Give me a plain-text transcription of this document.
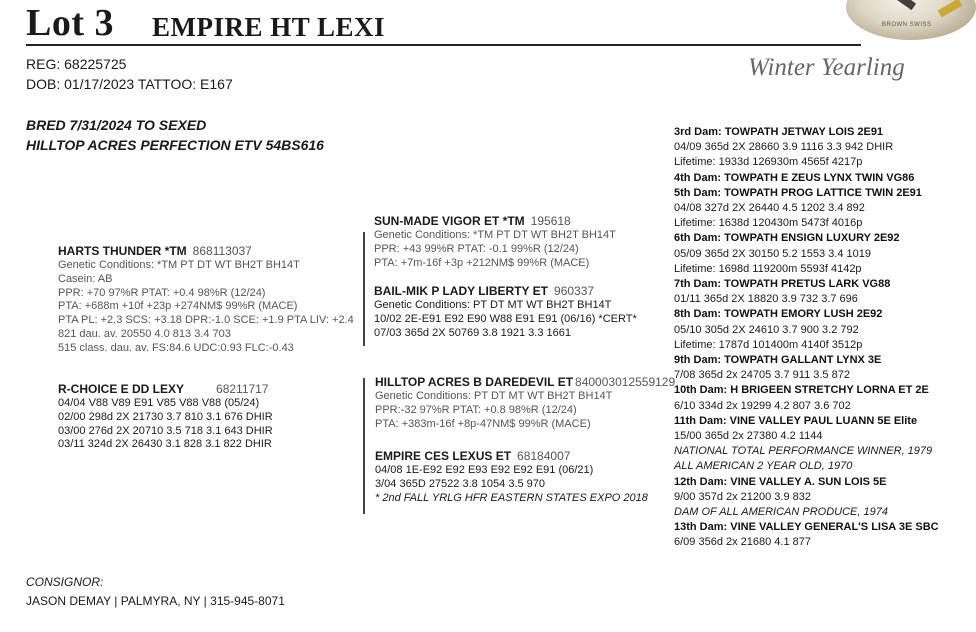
Lot 3 EMPIRE HT LEXI	BROWN SWISS
Winter Yearling
REG: 68225725
DOB: 01/17/2023 TATTOO: E167
BRED 7/31/2024 TO SEXED
HILLTOP ACRES PERFECTION ETV 54BS616
HARTS THUNDER *TM 868113037
Genetic Conditions: *TM PT DT WT BH2T BH14T
Casein: AB
PPR: +70 97%R PTAT: +0.4 98%R (12/24)
PTA: +688m +10f +23p +274NM$ 99%R (MACE)
PTA PL: +2.3 SCS: +3.18 DPR:-1.0 SCE: +1.9 PTA LIV: +2.4
821 dau. av. 20550 4.0 813 3.4 703
515 class. dau. av. FS:84.6 UDC:0.93 FLC:-0.43
R-CHOICE E DD LEXY	68211717
04/04 V88 V89 E91 V85 V88 V88 (05/24)
02/00 298d 2X 21730 3.7 810 3.1 676 DHIR
03/00 276d 2X 20710 3.5 718 3.1 643 DHIR
03/11 324d 2X 26430 3.1 828 3.1 822 DHIR
SUN-MADE VIGOR ET *TM 195618
Genetic Conditions: *TM PT DT WT BH2T BH14T
PPR: +43 99%R PTAT: -0.1 99%R (12/24)
PTA: +7m-16f +3p +212NM$ 99%R (MACE)
BAIL-MIK P LADY LIBERTY ET 960337
Genetic Conditions: PT DT MT WT BH2T BH14T
10/02 2E-E91 E92 E90 W88 E91 E91 (06/16) *CERT*
07/03 365d 2X 50769 3.8 1921 3.3 1661
HILLTOP ACRES B DAREDEVIL ET 840003012559129
Genetic Conditions: PT DT MT WT BH2T BH14T
PPR:-32 97%R PTAT: +0.8 98%R (12/24)
PTA: +383m-16f +8p-47NM$ 99%R (MACE)
EMPIRE CES LEXUS ET 68184007
04/08 1E-E92 E92 E93 E92 E92 E91 (06/21)
3/04 365D 27522 3.8 1054 3.5 970
* 2nd FALL YRLG HFR EASTERN STATES EXPO 2018
3rd Dam: TOWPATH JETWAY LOIS 2E91
04/09 365d 2X 28660 3.9 1116 3.3 942 DHIR
Lifetime: 1933d 126930m 4565f 4217p
4th Dam: TOWPATH E ZEUS LYNX TWIN VG86
5th Dam: TOWPATH PROG LATTICE TWIN 2E91
04/08 327d 2X 26440 4.5 1202 3.4 892
Lifetime: 1638d 120430m 5473f 4016p
6th Dam: TOWPATH ENSIGN LUXURY 2E92
05/09 365d 2X 30150 5.2 1553 3.4 1019
Lifetime: 1698d 119200m 5593f 4142p
7th Dam: TOWPATH PRETUS LARK VG88
01/11 365d 2X 18820 3.9 732 3.7 696
8th Dam: TOWPATH EMORY LUSH 2E92
05/10 305d 2X 24610 3.7 900 3.2 792
Lifetime: 1787d 101400m 4140f 3512p
9th Dam: TOWPATH GALLANT LYNX 3E
7/08 365d 2x 24705 3.7 911 3.5 872
10th Dam: H BRIGEEN STRETCHY LORNA ET 2E
6/10 334d 2x 19299 4.2 807 3.6 702
11th Dam: VINE VALLEY PAUL LUANN 5E Elite
15/00 365d 2x 27380 4.2 1144
NATIONAL TOTAL PERFORMANCE WINNER, 1979
ALL AMERICAN 2 YEAR OLD, 1970
12th Dam: VINE VALLEY A. SUN LOIS 5E
9/00 357d 2x 21200 3.9 832
DAM OF ALL AMERICAN PRODUCE, 1974
13th Dam: VINE VALLEY GENERAL'S LISA 3E SBC
6/09 356d 2x 21680 4.1 877
CONSIGNOR:
JASON DEMAY | PALMYRA, NY | 315-945-8071
